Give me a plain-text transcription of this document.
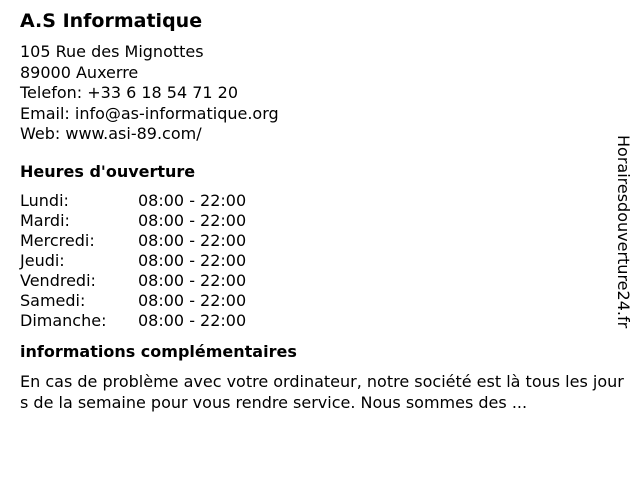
A.S Informatique
105 Rue des Mignottes
89000 Auxerre
Telefon: +33 6 18 54 71 20
Email: info@as-informatique.org
Web: www.asi-89.com/
Heures d'ouverture
Lundi:	08:00 - 22:00
Mardi:	08:00 - 22:00
Mercredi:	08:00 - 22:00
Jeudi:	08:00 - 22:00
Vendredi:	08:00 - 22:00
Samedi:	08:00 - 22:00
Dimanche:	08:00 - 22:00
informations complémentaires

En cas de problème avec votre ordinateur, notre société est là tous les jours de la semaine pour vous rendre service. Nous sommes des ...

Horairesdouverture24.fr
